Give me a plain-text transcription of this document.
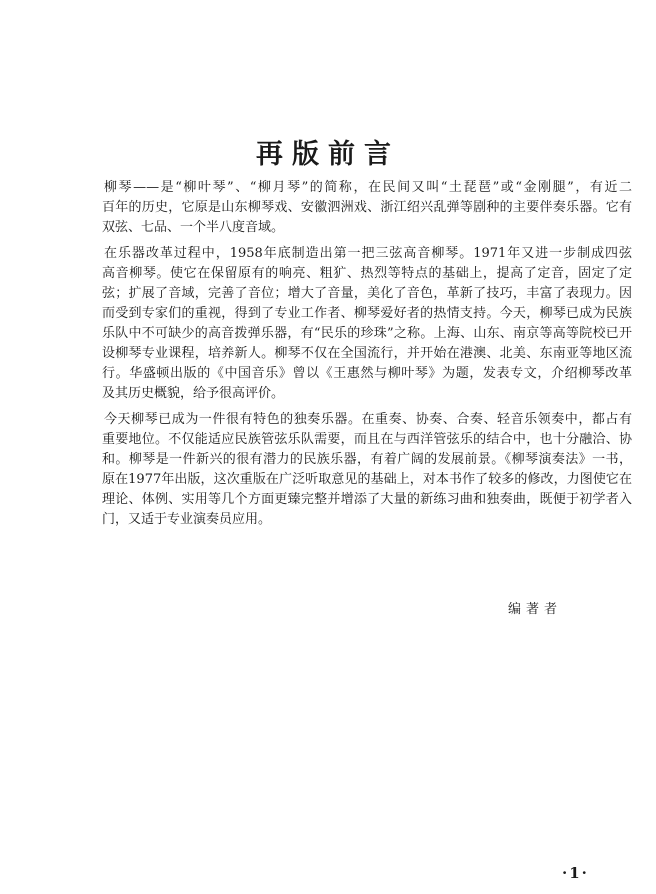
再版前言
柳琴——是“柳叶琴”、“柳月琴”的简称，在民间又叫“土琵琶”或“金刚腿”，有近二
百年的历史，它原是山东柳琴戏、安徽泗洲戏、浙江绍兴乱弹等剧种的主要伴奏乐器。它有
双弦、七品、一个半八度音域。
在乐器改革过程中，1958年底制造出第一把三弦高音柳琴。1971年又进一步制成四弦
高音柳琴。使它在保留原有的响亮、粗犷、热烈等特点的基础上，提高了定音，固定了定
弦；扩展了音域，完善了音位；增大了音量，美化了音色，革新了技巧，丰富了表现力。因
而受到专家们的重视，得到了专业工作者、柳琴爱好者的热情支持。今天，柳琴已成为民族
乐队中不可缺少的高音拨弹乐器，有“民乐的珍珠”之称。上海、山东、南京等高等院校已开
设柳琴专业课程，培养新人。柳琴不仅在全国流行，并开始在港澳、北美、东南亚等地区流
行。华盛顿出版的《中国音乐》曾以《王惠然与柳叶琴》为题，发表专文，介绍柳琴改革
及其历史概貌，给予很高评价。
今天柳琴已成为一件很有特色的独奏乐器。在重奏、协奏、合奏、轻音乐领奏中，都占有
重要地位。不仅能适应民族管弦乐队需要，而且在与西洋管弦乐的结合中，也十分融洽、协
和。柳琴是一件新兴的很有潜力的民族乐器，有着广阔的发展前景。《柳琴演奏法》一书，
原在1977年出版，这次重版在广泛听取意见的基础上，对本书作了较多的修改，力图使它在
理论、体例、实用等几个方面更臻完整并增添了大量的新练习曲和独奏曲，既便于初学者入
门，又适于专业演奏员应用。

编著者

·1·
